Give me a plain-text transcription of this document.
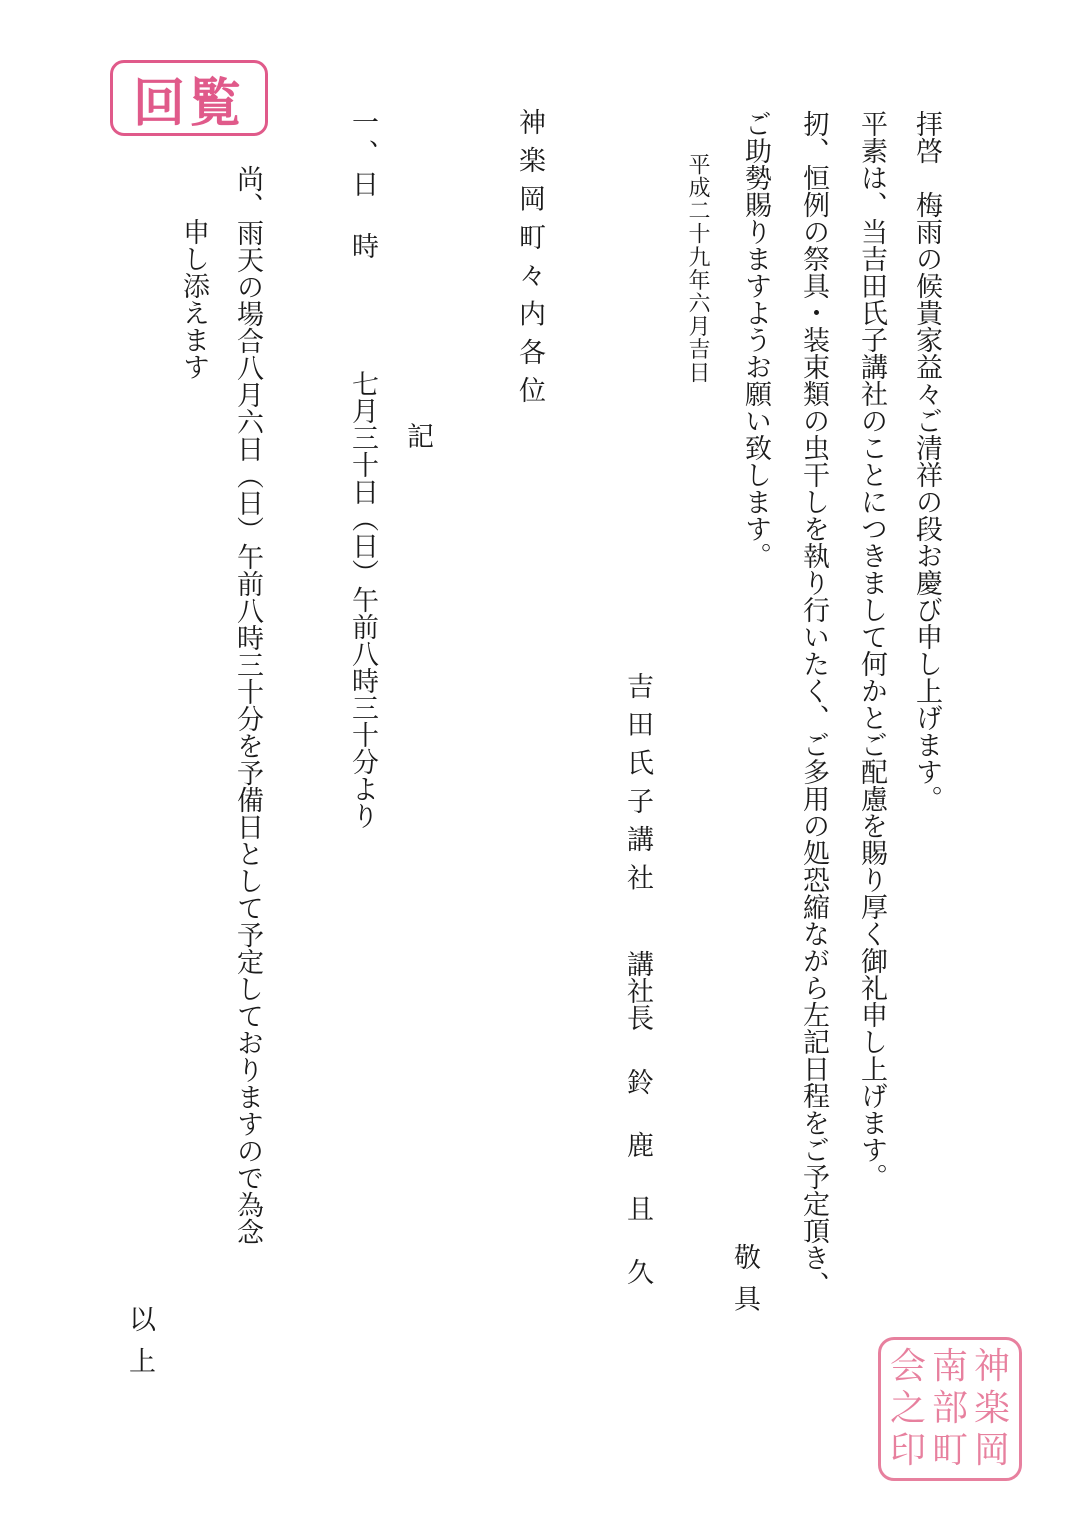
回覧
拝啓　梅雨の候貴家益々ご清祥の段お慶び申し上げます。
平素は、当吉田氏子講社のことにつきまして何かとご配慮を賜り厚く御礼申し上げます。
扨、恒例の祭具・装束類の虫干しを執り行いたく、ご多用の処恐縮ながら左記日程をご予定頂き、
ご助勢賜りますようお願い致します。
平成二十九年六月吉日
敬具
吉田氏子講社
講社長
鈴鹿且久
神楽岡町々内各位
記
一、日　時
七月三十日（日）午前八時三十分より
尚、雨天の場合八月六日（日）午前八時三十分を予備日として予定しておりますので為念
申し添えます
以上	神
楽
岡
南
部
町
会
之
印
